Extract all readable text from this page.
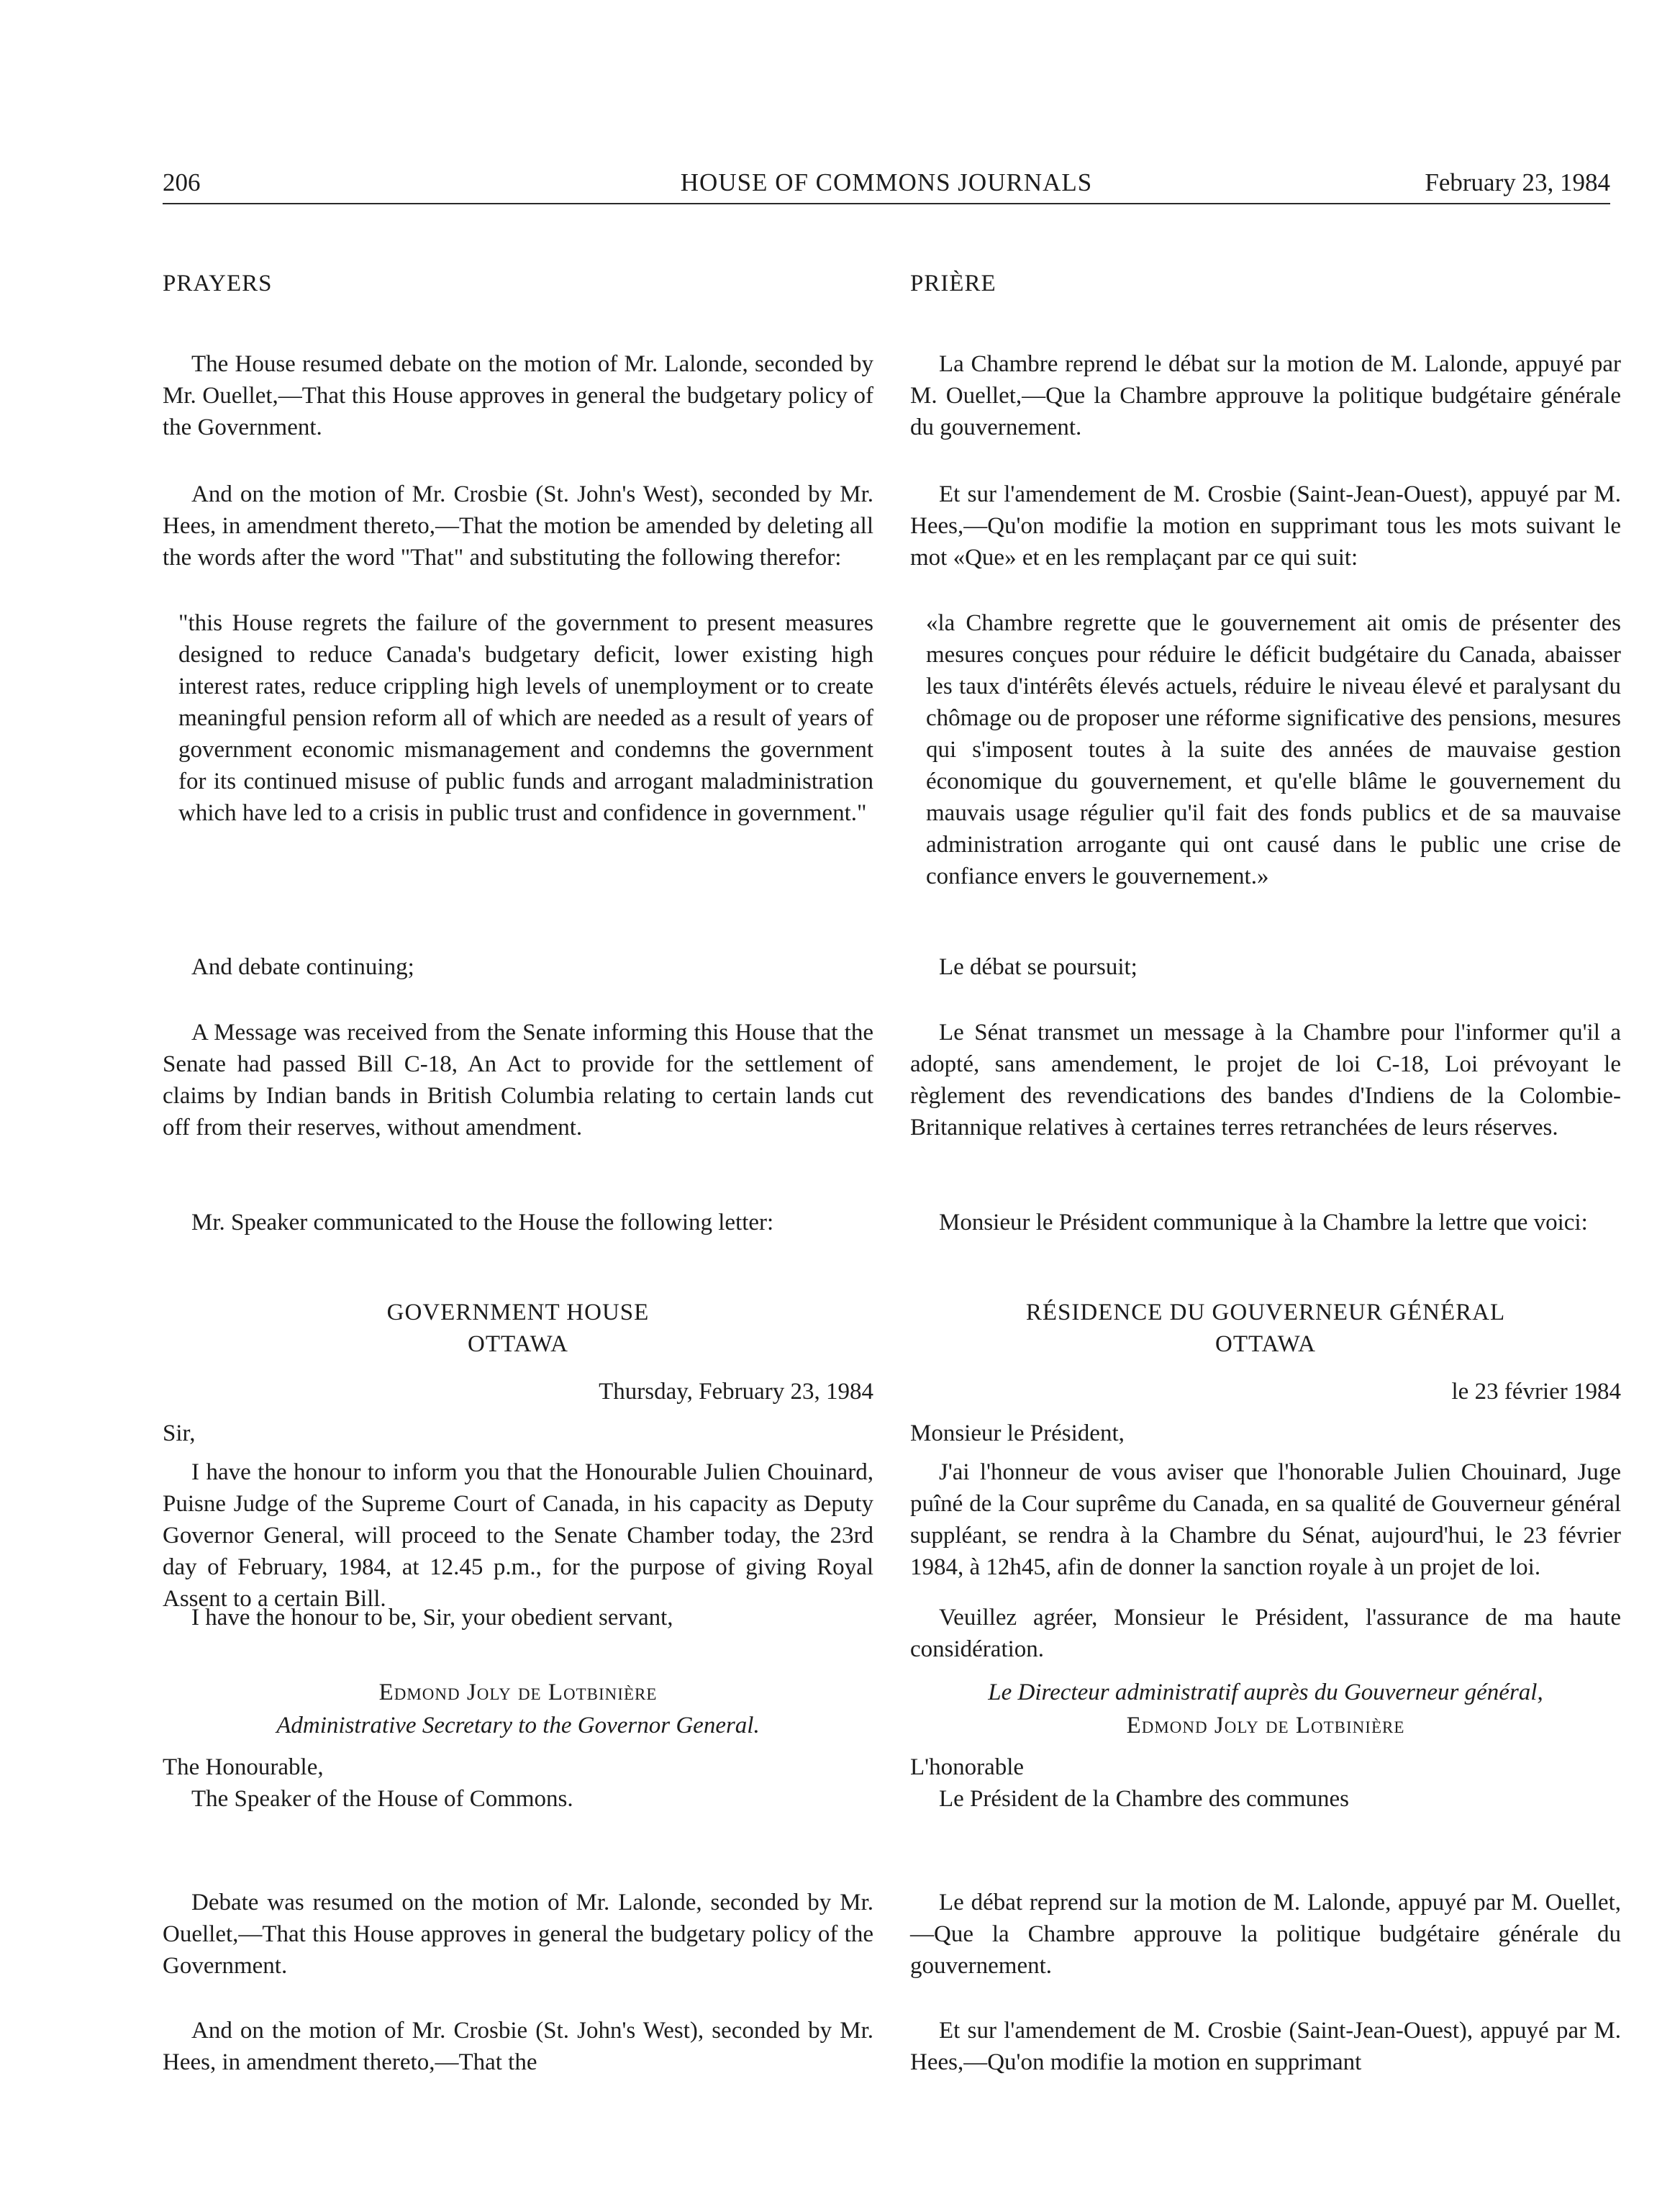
206	HOUSE OF COMMONS JOURNALS	February 23, 1984

PRAYERS

The House resumed debate on the motion of Mr. Lalonde, seconded by Mr. Ouellet,—That this House approves in general the budgetary policy of the Government.

And on the motion of Mr. Crosbie (St. John's West), seconded by Mr. Hees, in amendment thereto,—That the motion be amended by deleting all the words after the word "That" and substituting the following therefor:

"this House regrets the failure of the government to present measures designed to reduce Canada's budgetary deficit, lower existing high interest rates, reduce crippling high levels of unemployment or to create meaningful pension reform all of which are needed as a result of years of government economic mismanagement and condemns the government for its continued misuse of public funds and arrogant maladministration which have led to a crisis in public trust and confidence in government."

And debate continuing;

A Message was received from the Senate informing this House that the Senate had passed Bill C-18, An Act to provide for the settlement of claims by Indian bands in British Columbia relating to certain lands cut off from their reserves, without amendment.

Mr. Speaker communicated to the House the following letter:

GOVERNMENT HOUSE

OTTAWA

Thursday, February 23, 1984

Sir,

I have the honour to inform you that the Honourable Julien Chouinard, Puisne Judge of the Supreme Court of Canada, in his capacity as Deputy Governor General, will proceed to the Senate Chamber today, the 23rd day of February, 1984, at 12.45 p.m., for the purpose of giving Royal Assent to a certain Bill.

I have the honour to be, Sir, your obedient servant,

Edmond Joly de Lotbinière

Administrative Secretary to the Governor General.

The Honourable,

The Speaker of the House of Commons.

Debate was resumed on the motion of Mr. Lalonde, seconded by Mr. Ouellet,—That this House approves in general the budgetary policy of the Government.

And on the motion of Mr. Crosbie (St. John's West), seconded by Mr. Hees, in amendment thereto,—That the

PRIÈRE

La Chambre reprend le débat sur la motion de M. Lalonde, appuyé par M. Ouellet,—Que la Chambre approuve la politique budgétaire générale du gouvernement.

Et sur l'amendement de M. Crosbie (Saint-Jean-Ouest), appuyé par M. Hees,—Qu'on modifie la motion en supprimant tous les mots suivant le mot «Que» et en les remplaçant par ce qui suit:

«la Chambre regrette que le gouvernement ait omis de présenter des mesures conçues pour réduire le déficit budgétaire du Canada, abaisser les taux d'intérêts élevés actuels, réduire le niveau élevé et paralysant du chômage ou de proposer une réforme significative des pensions, mesures qui s'imposent toutes à la suite des années de mauvaise gestion économique du gouvernement, et qu'elle blâme le gouvernement du mauvais usage régulier qu'il fait des fonds publics et de sa mauvaise administration arrogante qui ont causé dans le public une crise de confiance envers le gouvernement.»

Le débat se poursuit;

Le Sénat transmet un message à la Chambre pour l'informer qu'il a adopté, sans amendement, le projet de loi C-18, Loi prévoyant le règlement des revendications des bandes d'Indiens de la Colombie-Britannique relatives à certaines terres retranchées de leurs réserves.

Monsieur le Président communique à la Chambre la lettre que voici:

RÉSIDENCE DU GOUVERNEUR GÉNÉRAL

OTTAWA

le 23 février 1984

Monsieur le Président,

J'ai l'honneur de vous aviser que l'honorable Julien Chouinard, Juge puîné de la Cour suprême du Canada, en sa qualité de Gouverneur général suppléant, se rendra à la Chambre du Sénat, aujourd'hui, le 23 février 1984, à 12h45, afin de donner la sanction royale à un projet de loi.

Veuillez agréer, Monsieur le Président, l'assurance de ma haute considération.

Le Directeur administratif auprès du Gouverneur général,

Edmond Joly de Lotbinière

L'honorable

Le Président de la Chambre des communes

Le débat reprend sur la motion de M. Lalonde, appuyé par M. Ouellet,—Que la Chambre approuve la politique budgétaire générale du gouvernement.

Et sur l'amendement de M. Crosbie (Saint-Jean-Ouest), appuyé par M. Hees,—Qu'on modifie la motion en supprimant
